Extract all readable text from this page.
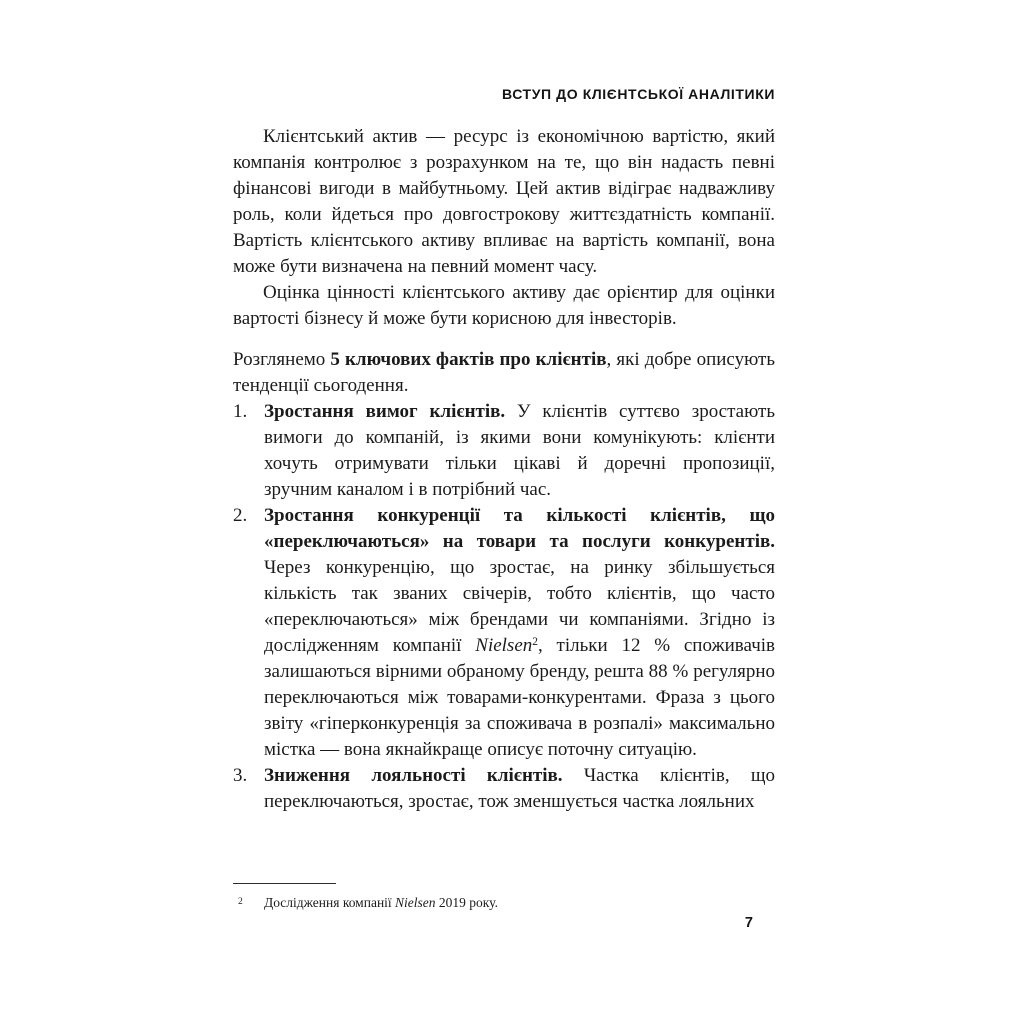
ВСТУП ДО КЛІЄНТСЬКОЇ АНАЛІТИКИ

Клієнтський актив — ресурс із економічною вартістю, який компанія контролює з розрахунком на те, що він надасть певні фінансові вигоди в майбутньому. Цей актив відіграє надважливу роль, коли йдеться про довгострокову життєздатність компанії. Вартість клієнтського активу впливає на вартість компанії, вона може бути визначена на певний момент часу.

Оцінка цінності клієнтського активу дає орієнтир для оцінки вартості бізнесу й може бути корисною для інвесторів.

Розглянемо 5 ключових фактів про клієнтів, які добре описують тенденції сьогодення.

1. Зростання вимог клієнтів. У клієнтів суттєво зростають вимоги до компаній, із якими вони комунікують: клієнти хочуть отримувати тільки цікаві й доречні пропозиції, зручним каналом і в потрібний час.
2. Зростання конкуренції та кількості клієнтів, що «переключаються» на товари та послуги конкурентів. Через конкуренцію, що зростає, на ринку збільшується кількість так званих свічерів, тобто клієнтів, що часто «переключаються» між брендами чи компаніями. Згідно із дослідженням компанії Nielsen$^2$, тільки 12 % споживачів залишаються вірними обраному бренду, решта 88 % регулярно переключаються між товарами-конкурентами. Фраза з цього звіту «гіперконкуренція за споживача в розпалі» максимально містка — вона якнайкраще описує поточну ситуацію.
3. Зниження лояльності клієнтів. Частка клієнтів, що переключаються, зростає, тож зменшується частка лояльних
2 Дослідження компанії Nielsen 2019 року.
7
